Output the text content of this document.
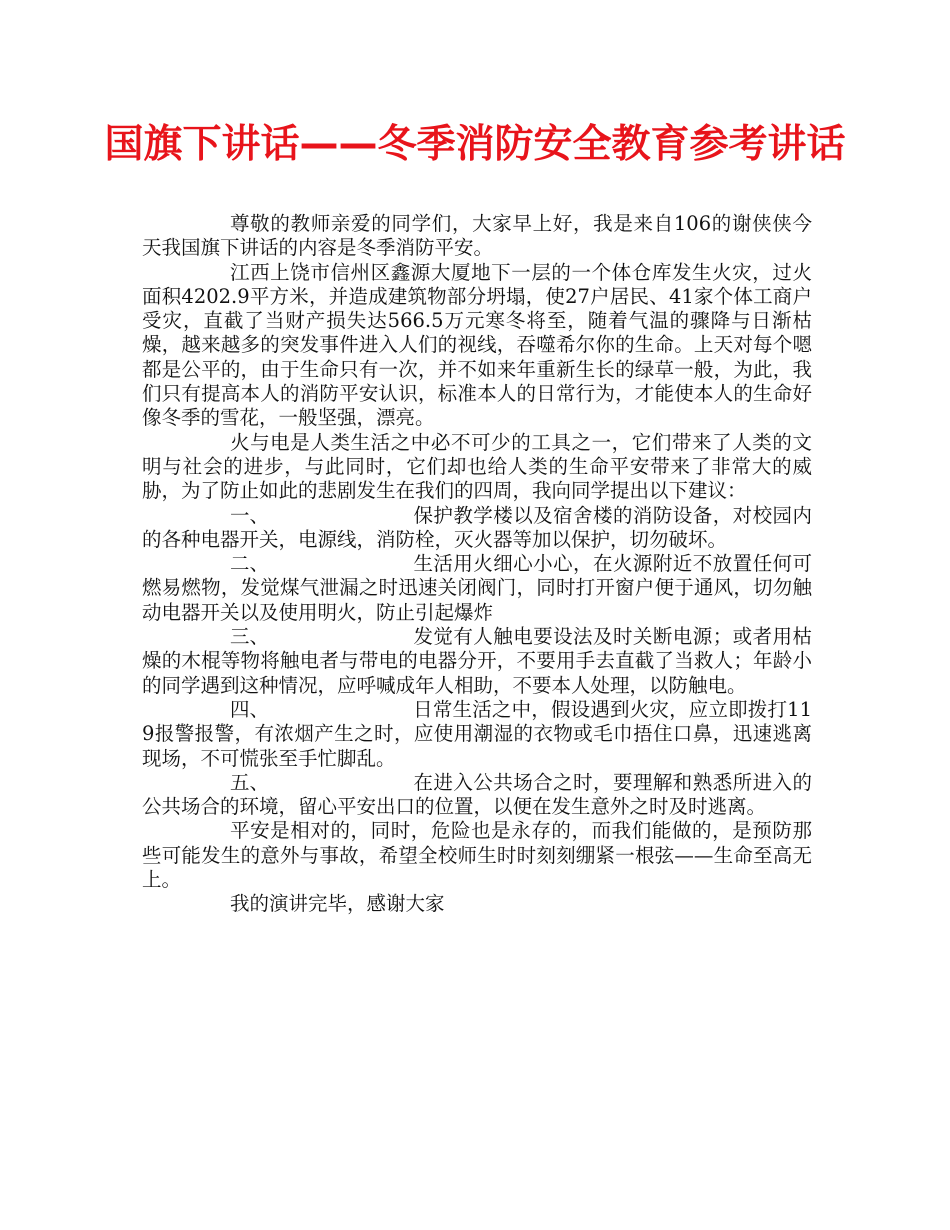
国旗下讲话——冬季消防安全教育参考讲话

尊敬的教师亲爱的同学们，大家早上好，我是来自106的谢侠侠今天我国旗下讲话的内容是冬季消防平安。

江西上饶市信州区鑫源大厦地下一层的一个体仓库发生火灾，过火面积4202.9平方米，并造成建筑物部分坍塌，使27户居民、41家个体工商户受灾，直截了当财产损失达566.5万元寒冬将至，随着气温的骤降与日渐枯燥，越来越多的突发事件进入人们的视线，吞噬希尔你的生命。上天对每个嗯都是公平的，由于生命只有一次，并不如来年重新生长的绿草一般，为此，我们只有提高本人的消防平安认识，标准本人的日常行为，才能使本人的生命好像冬季的雪花，一般坚强，漂亮。

火与电是人类生活之中必不可少的工具之一，它们带来了人类的文明与社会的进步，与此同时，它们却也给人类的生命平安带来了非常大的威胁，为了防止如此的悲剧发生在我们的四周，我向同学提出以下建议：

一、	保护教学楼以及宿舍楼的消防设备，对校园内的各种电器开关，电源线，消防栓，灭火器等加以保护，切勿破坏。

二、	生活用火细心小心，在火源附近不放置任何可燃易燃物，发觉煤气泄漏之时迅速关闭阀门，同时打开窗户便于通风，切勿触动电器开关以及使用明火，防止引起爆炸

三、	发觉有人触电要设法及时关断电源；或者用枯燥的木棍等物将触电者与带电的电器分开，不要用手去直截了当救人；年龄小的同学遇到这种情况，应呼喊成年人相助，不要本人处理，以防触电。

四、	日常生活之中，假设遇到火灾，应立即拨打119报警报警，有浓烟产生之时，应使用潮湿的衣物或毛巾捂住口鼻，迅速逃离现场，不可慌张至手忙脚乱。

五、	在进入公共场合之时，要理解和熟悉所进入的公共场合的环境，留心平安出口的位置，以便在发生意外之时及时逃离。

平安是相对的，同时，危险也是永存的，而我们能做的，是预防那些可能发生的意外与事故，希望全校师生时时刻刻绷紧一根弦——生命至高无上。

我的演讲完毕，感谢大家
